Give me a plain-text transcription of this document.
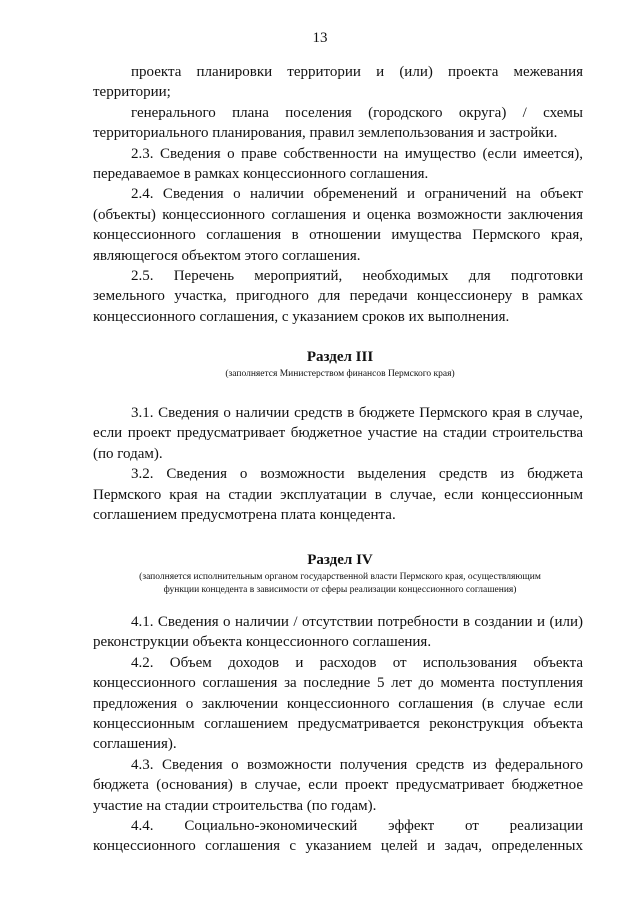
13

проекта планировки территории и (или) проекта межевания

территории;

генерального плана поселения (городского округа) / схемы

территориального планирования, правил землепользования и застройки.

2.3. Сведения о праве собственности на имущество (если имеется), передаваемое в рамках концессионного соглашения.

2.4. Сведения о наличии обременений и ограничений на объект (объекты) концессионного соглашения и оценка возможности заключения концессионного соглашения в отношении имущества Пермского края, являющегося объектом этого соглашения.

2.5. Перечень мероприятий, необходимых для подготовки

земельного участка, пригодного для передачи концессионеру в рамках концессионного соглашения, с указанием сроков их выполнения.

Раздел III
(заполняется Министерством финансов Пермского края)

3.1. Сведения о наличии средств в бюджете Пермского края в случае, если проект предусматривает бюджетное участие на стадии строительства (по годам).

3.2. Сведения о возможности выделения средств из бюджета Пермского края на стадии эксплуатации в случае, если концессионным соглашением предусмотрена плата концедента.

Раздел IV
(заполняется исполнительным органом государственной власти Пермского края, осуществляющим
функции концедента в зависимости от сферы реализации концессионного соглашения)

4.1. Сведения о наличии / отсутствии потребности в создании и (или) реконструкции объекта концессионного соглашения.

4.2. Объем доходов и расходов от использования объекта концессионного соглашения за последние 5 лет до момента поступления предложения о заключении концессионного соглашения (в случае если концессионным соглашением предусматривается реконструкция объекта соглашения).

4.3. Сведения о возможности получения средств из федерального бюджета (основания) в случае, если проект предусматривает бюджетное участие на стадии строительства (по годам).

4.4. Социально-экономический эффект от реализации

концессионного соглашения с указанием целей и задач, определенных
